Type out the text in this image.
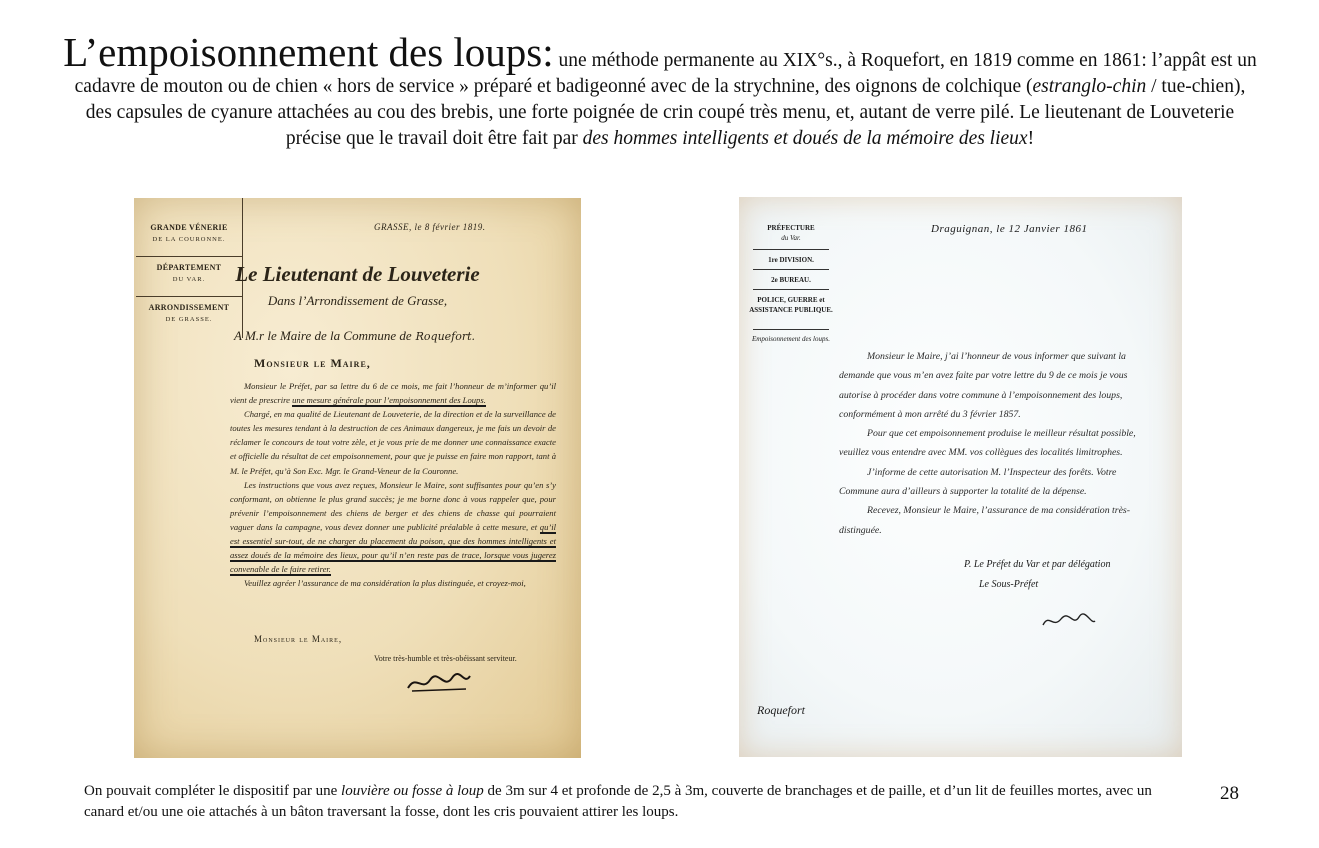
L’empoisonnement des loups: une méthode permanente au XIX°s., à Roquefort, en 1819 comme en 1861: l’appât est un cadavre de mouton ou de chien « hors de service » préparé et badigeonné avec de la strychnine, des oignons de colchique (estranglo-chin / tue-chien), des capsules de cyanure attachées au cou des brebis, une forte poignée de crin coupé très menu, et, autant de verre pilé. Le lieutenant de Louveterie précise que le travail doit être fait par des hommes intelligents et doués de la mémoire des lieux!

GRANDE VÉNERIE
DE LA COURONNE.
DÉPARTEMENT
DU VAR.
ARRONDISSEMENT
DE GRASSE.
GRASSE, le 8 février 1819.
Le Lieutenant de Louveterie
Dans l’Arrondissement de Grasse,
A M.r le Maire de la Commune de Roquefort.
Monsieur le Maire,

Monsieur le Préfet, par sa lettre du 6 de ce mois, me fait l’honneur de m’informer qu’il vient de prescrire une mesure générale pour l’empoisonnement des Loups.

Chargé, en ma qualité de Lieutenant de Louveterie, de la direction et de la surveillance de toutes les mesures tendant à la destruction de ces Animaux dangereux, je me fais un devoir de réclamer le concours de tout votre zèle, et je vous prie de me donner une connaissance exacte et officielle du résultat de cet empoisonnement, pour que je puisse en faire mon rapport, tant à M. le Préfet, qu’à Son Exc. Mgr. le Grand-Veneur de la Couronne.

Les instructions que vous avez reçues, Monsieur le Maire, sont suffisantes pour qu’en s’y conformant, on obtienne le plus grand succès; je me borne donc à vous rappeler que, pour prévenir l’empoisonnement des chiens de berger et des chiens de chasse qui pourraient vaguer dans la campagne, vous devez donner une publicité préalable à cette mesure, et qu’il est essentiel sur-tout, de ne charger du placement du poison, que des hommes intelligents et assez doués de la mémoire des lieux, pour qu’il n’en reste pas de trace, lorsque vous jugerez convenable de le faire retirer.

Veuillez agréer l’assurance de ma considération la plus distinguée, et croyez-moi,

Monsieur le Maire,
Votre très-humble et très-obéissant serviteur.
PRÉFECTURE
du Var.
1re DIVISION.
2e BUREAU.
POLICE, GUERRE et ASSISTANCE PUBLIQUE.
Empoisonnement des loups.
Draguignan, le 12 Janvier 1861

Monsieur le Maire, j’ai l’honneur de vous informer que suivant la demande que vous m’en avez faite par votre lettre du 9 de ce mois je vous autorise à procéder dans votre commune à l’empoisonnement des loups, conformément à mon arrêté du 3 février 1857.

Pour que cet empoisonnement produise le meilleur résultat possible, veuillez vous entendre avec MM. vos collègues des localités limitrophes.

J’informe de cette autorisation M. l’Inspecteur des forêts. Votre Commune aura d’ailleurs à supporter la totalité de la dépense.

Recevez, Monsieur le Maire, l’assurance de ma considération très-distinguée.

P. Le Préfet du Var et par délégation
Le Sous-Préfet
Roquefort

On pouvait compléter le dispositif par une louvière ou fosse à loup de 3m sur 4 et profonde de 2,5 à 3m, couverte de branchages et de paille, et d’un lit de feuilles mortes, avec un canard et/ou une oie attachés à un bâton traversant la fosse, dont les cris pouvaient attirer les loups.

28
